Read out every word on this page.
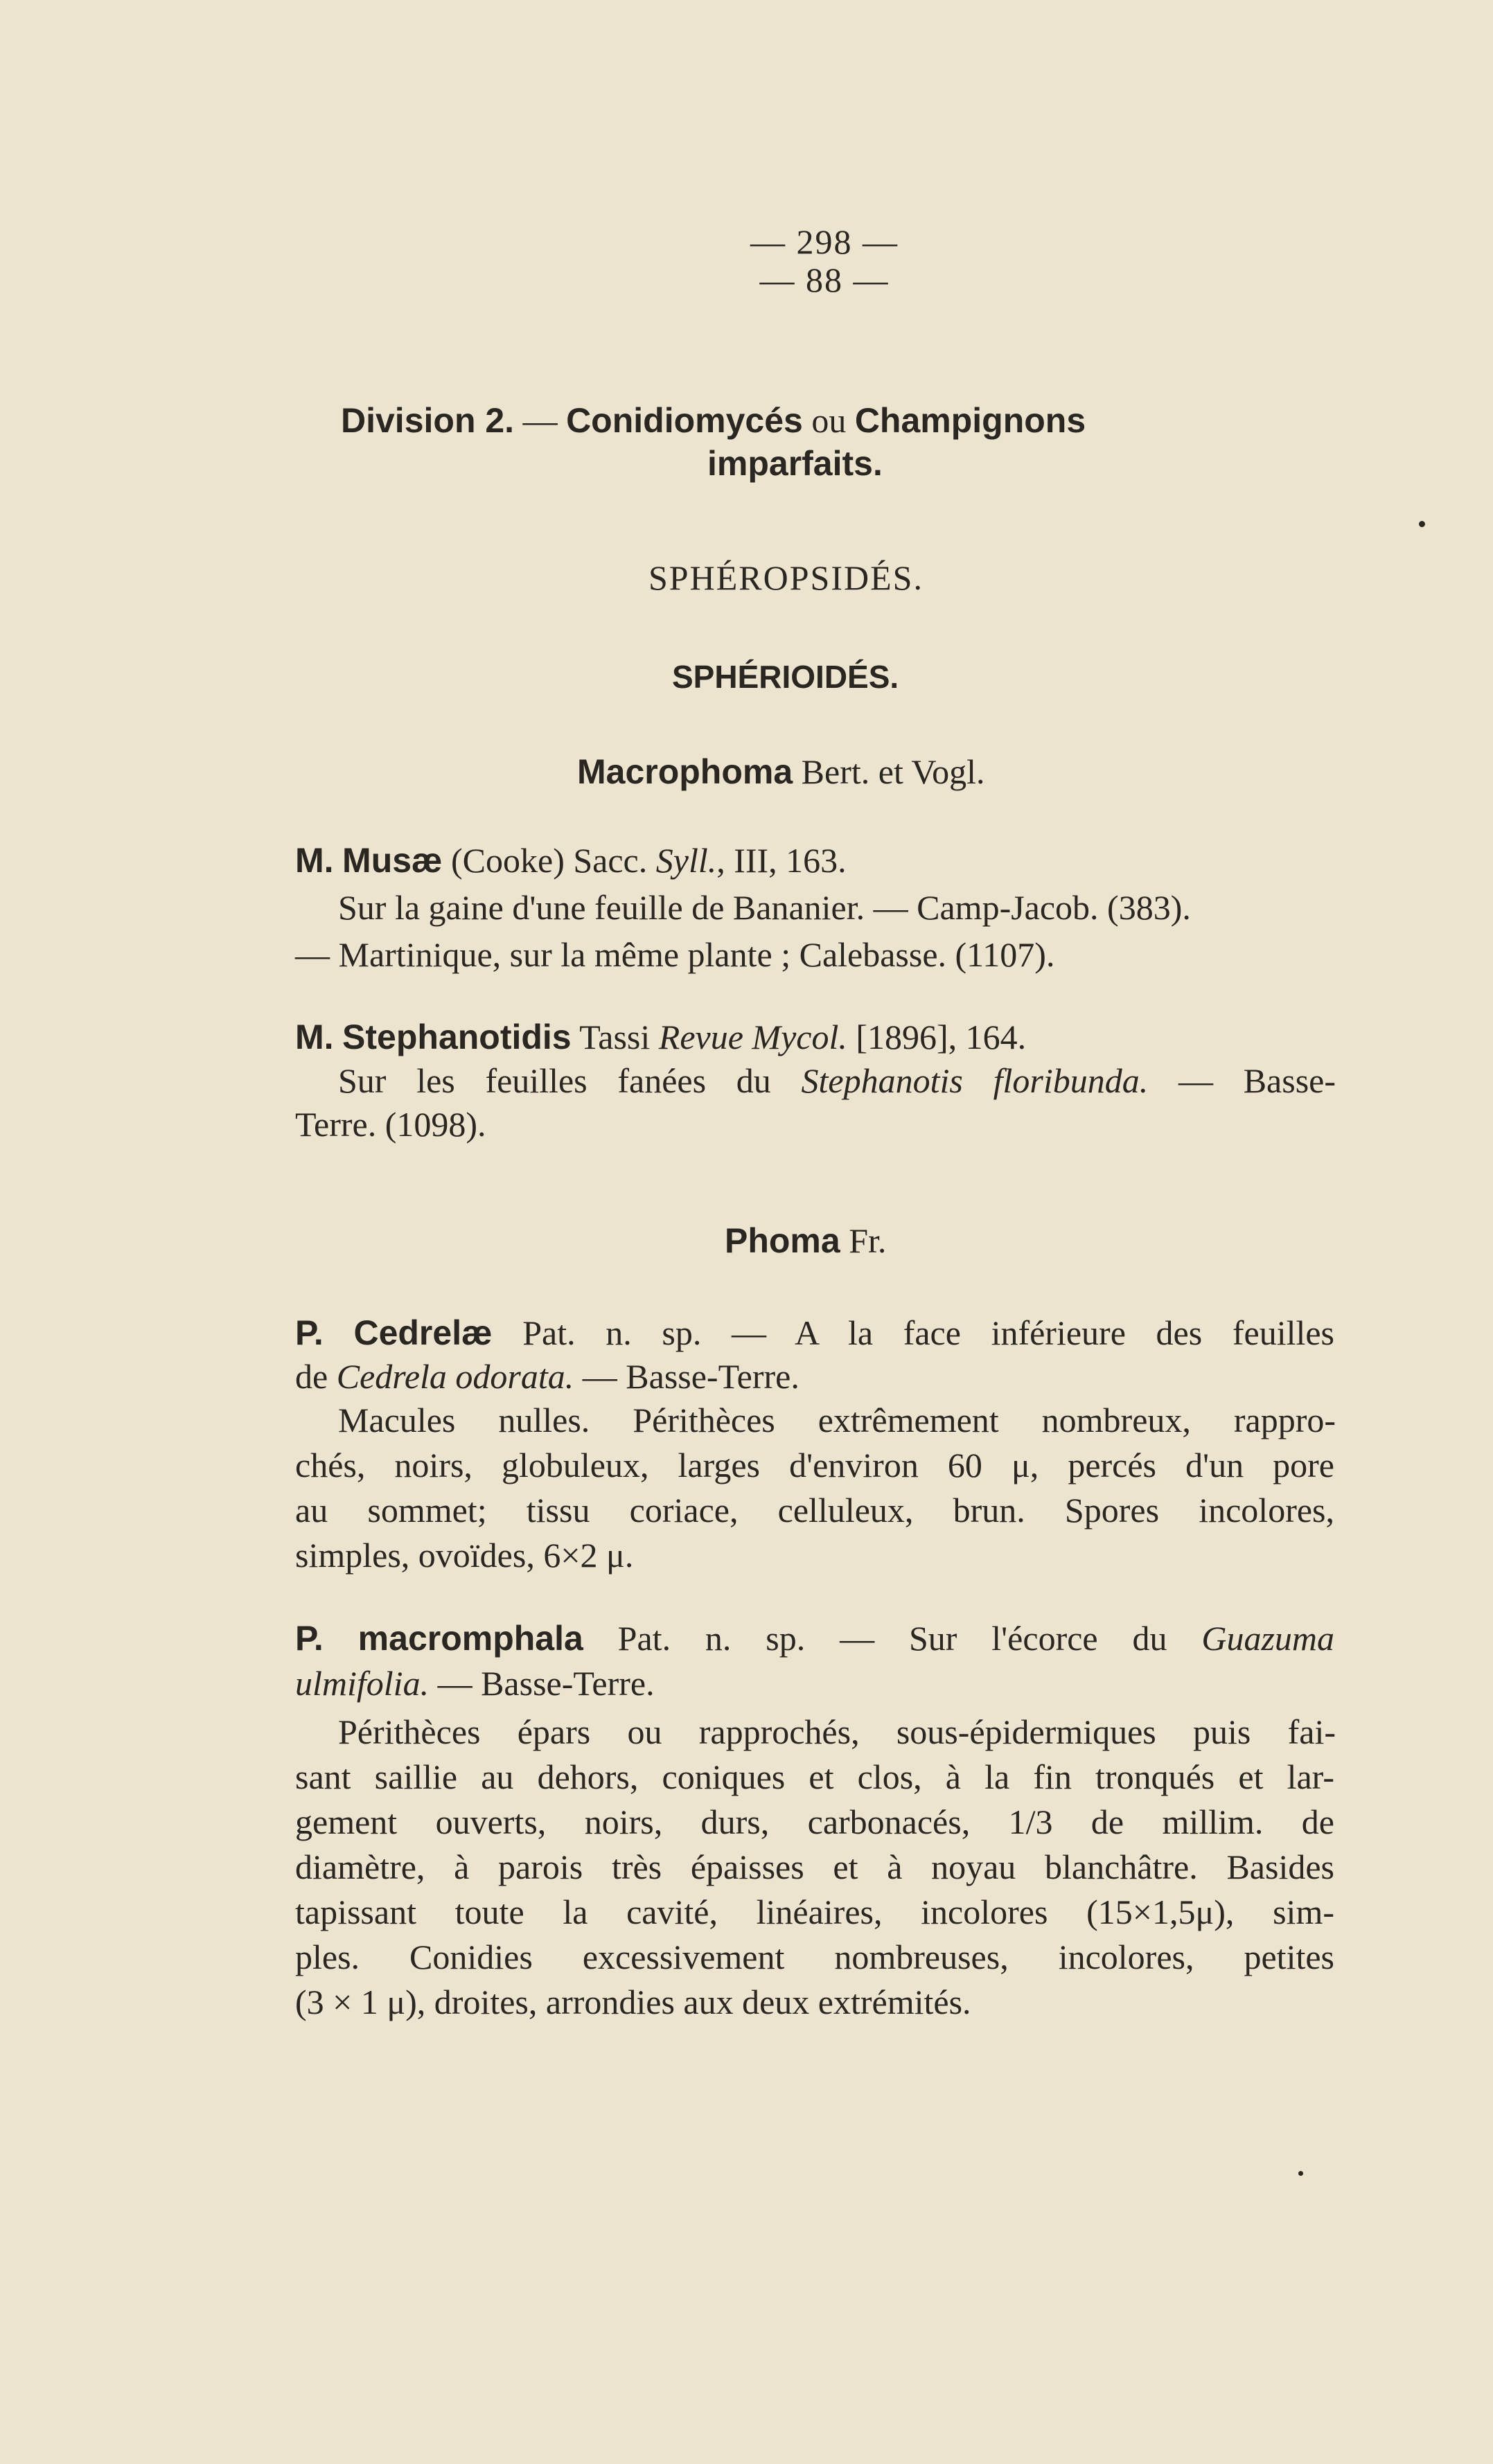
— 298 —
— 88 —
Division 2. — Conidiomycés ou Champignons
imparfaits.
SPHÉROPSIDÉS.
SPHÉRIOIDÉS.
Macrophoma Bert. et Vogl.
M. Musæ (Cooke) Sacc. Syll., III, 163.
Sur la gaine d'une feuille de Bananier. — Camp-Jacob. (383).
— Martinique, sur la même plante ; Calebasse. (1107).
M. Stephanotidis Tassi Revue Mycol. [1896], 164.
Sur les feuilles fanées du Stephanotis floribunda. — Basse-
Terre. (1098).
Phoma Fr.
P. Cedrelæ Pat. n. sp. — A la face inférieure des feuilles
de Cedrela odorata. — Basse-Terre.
Macules nulles. Périthèces extrêmement nombreux, rappro-
chés, noirs, globuleux, larges d'environ 60 μ, percés d'un pore
au sommet; tissu coriace, celluleux, brun. Spores incolores,
simples, ovoïdes, 6×2 μ.
P. macromphala Pat. n. sp. — Sur l'écorce du Guazuma
ulmifolia. — Basse-Terre.
Périthèces épars ou rapprochés, sous-épidermiques puis fai-
sant saillie au dehors, coniques et clos, à la fin tronqués et lar-
gement ouverts, noirs, durs, carbonacés, 1/3 de millim. de
diamètre, à parois très épaisses et à noyau blanchâtre. Basides
tapissant toute la cavité, linéaires, incolores (15×1,5μ), sim-
ples. Conidies excessivement nombreuses, incolores, petites
(3 × 1 μ), droites, arrondies aux deux extrémités.
